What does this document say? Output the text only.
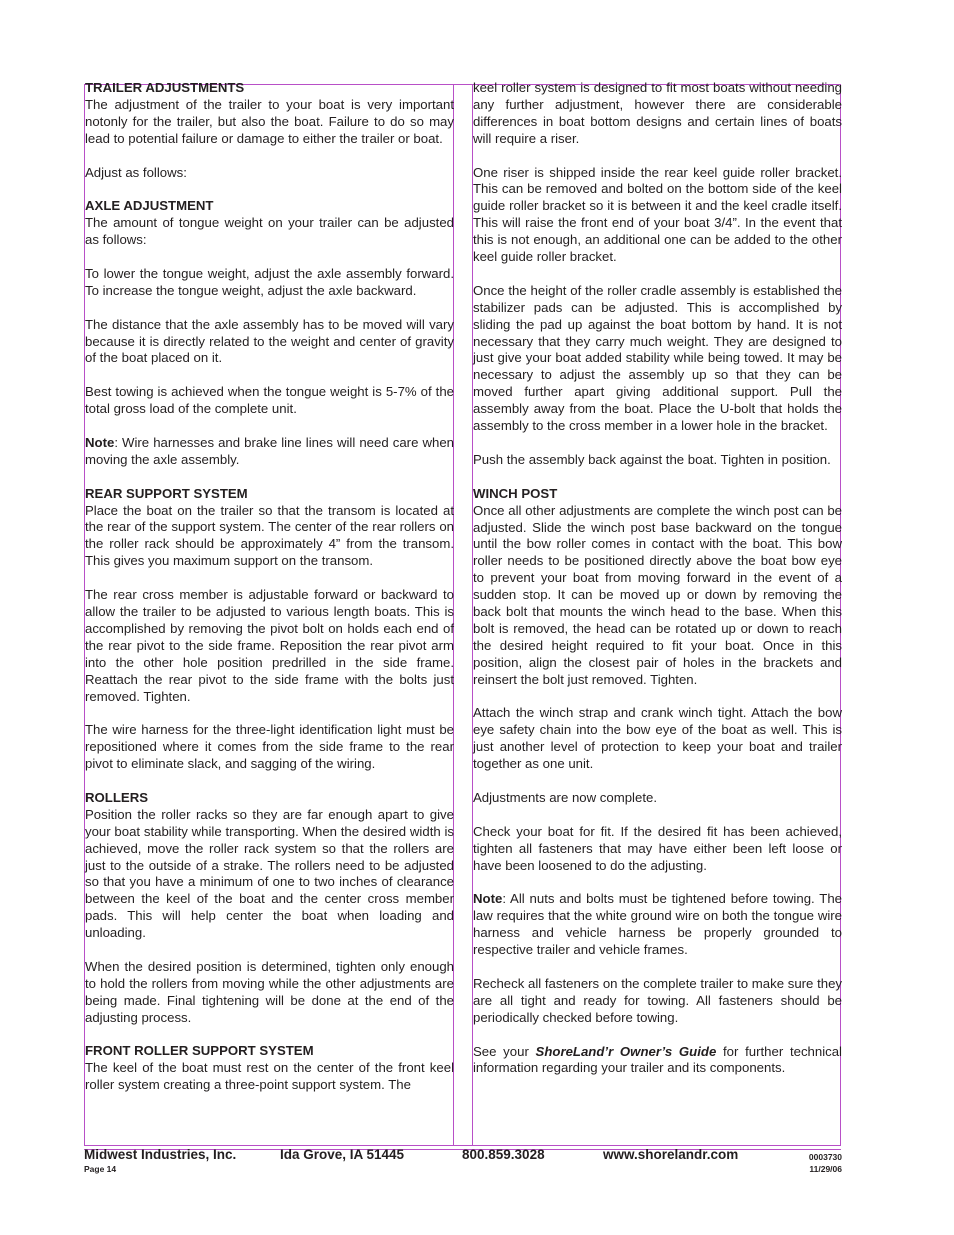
TRAILER ADJUSTMENTS

The adjustment of the trailer to your boat is very important notonly for the trailer, but also the boat. Failure to do so may lead to potential failure or damage to either the trailer or boat.

Adjust as follows:

AXLE ADJUSTMENT

The amount of tongue weight on your trailer can be adjusted as follows:

To lower the tongue weight, adjust the axle assembly forward. To increase the tongue weight, adjust the axle backward.

The distance that the axle assembly has to be moved will vary because it is directly related to the weight and center of gravity of the boat placed on it.

Best towing is achieved when the tongue weight is 5-7% of the total gross load of the complete unit.

Note: Wire harnesses and brake line lines will need care when moving the axle assembly.

REAR SUPPORT SYSTEM

Place the boat on the trailer so that the transom is located at the rear of the support system. The center of the rear rollers on the roller rack should be approximately 4” from the transom. This gives you maximum support on the transom.

The rear cross member is adjustable forward or backward to allow the trailer to be adjusted to various length boats. This is accomplished by removing the pivot bolt on holds each end of the rear pivot to the side frame. Reposition the rear pivot arm into the other hole position predrilled in the side frame. Reattach the rear pivot to the side frame with the bolts just removed. Tighten.

The wire harness for the three-light identification light must be repositioned where it comes from the side frame to the rear pivot to eliminate slack, and sagging of the wiring.

ROLLERS

Position the roller racks so they are far enough apart to give your boat stability while transporting. When the desired width is achieved, move the roller rack system so that the rollers are just to the outside of a strake. The rollers need to be adjusted so that you have a minimum of one to two inches of clearance between the keel of the boat and the center cross member pads. This will help center the boat when loading and unloading.

When the desired position is determined, tighten only enough to hold the rollers from moving while the other adjustments are being made. Final tightening will be done at the end of the adjusting process.

FRONT ROLLER SUPPORT SYSTEM

The keel of the boat must rest on the center of the front keel roller system creating a three-point support system. The

keel roller system is designed to fit most boats without needing any further adjustment, however there are considerable differences in boat bottom designs and certain lines of boats will require a riser.

One riser is shipped inside the rear keel guide roller bracket. This can be removed and bolted on the bottom side of the keel guide roller bracket so it is between it and the keel cradle itself. This will raise the front end of your boat 3/4”. In the event that this is not enough, an additional one can be added to the other keel guide roller bracket.

Once the height of the roller cradle assembly is established the stabilizer pads can be adjusted. This is accomplished by sliding the pad up against the boat bottom by hand. It is not necessary that they carry much weight. They are designed to just give your boat added stability while being towed. It may be necessary to adjust the assembly up so that they can be moved further apart giving additional support. Pull the assembly away from the boat. Place the U-bolt that holds the assembly to the cross member in a lower hole in the bracket.

Push the assembly back against the boat. Tighten in position.

WINCH POST

Once all other adjustments are complete the winch post can be adjusted. Slide the winch post base backward on the tongue until the bow roller comes in contact with the boat. This bow roller needs to be positioned directly above the boat bow eye to prevent your boat from moving forward in the event of a sudden stop. It can be moved up or down by removing the back bolt that mounts the winch head to the base. When this bolt is removed, the head can be rotated up or down to reach the desired height required to fit your boat. Once in this position, align the closest pair of holes in the brackets and reinsert the bolt just removed. Tighten.

Attach the winch strap and crank winch tight. Attach the bow eye safety chain into the bow eye of the boat as well. This is just another level of protection to keep your boat and trailer together as one unit.

Adjustments are now complete.

Check your boat for fit. If the desired fit has been achieved, tighten all fasteners that may have either been left loose or have been loosened to do the adjusting.

Note: All nuts and bolts must be tightened before towing. The law requires that the white ground wire on both the tongue wire harness and vehicle harness be properly grounded to respective trailer and vehicle frames.

Recheck all fasteners on the complete trailer to make sure they are all tight and ready for towing. All fasteners should be periodically checked before towing.

See your ShoreLand’r Owner’s Guide for further technical information regarding your trailer and its components.

Midwest Industries, Inc.	Ida Grove, IA 51445	800.859.3028	www.shorelandr.com
Page 14
0003730
11/29/06
